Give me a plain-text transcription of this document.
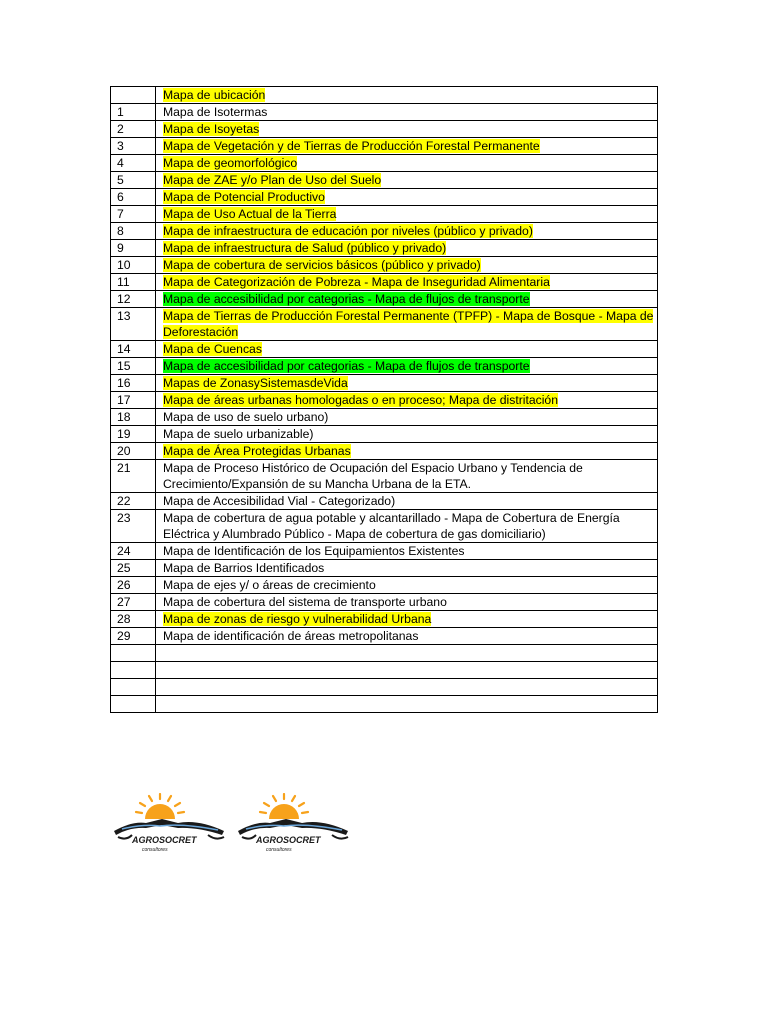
	Mapa de ubicación
1	Mapa de Isotermas
2	Mapa de Isoyetas
3	Mapa de Vegetación y de Tierras de Producción Forestal Permanente
4	Mapa de geomorfológico
5	Mapa de ZAE y/o Plan de Uso del Suelo
6	Mapa de Potencial Productivo
7	Mapa de Uso Actual de la Tierra
8	Mapa de infraestructura de educación por niveles (público y privado)
9	Mapa de infraestructura de Salud (público y privado)
10	Mapa de cobertura de servicios básicos (público y privado)
11	Mapa de Categorización de Pobreza - Mapa de Inseguridad Alimentaria
12	Mapa de accesibilidad por categorias - Mapa de flujos de transporte
13	Mapa de Tierras de Producción Forestal Permanente (TPFP) - Mapa de Bosque - Mapa de Deforestación
14	Mapa de Cuencas
15	Mapa de accesibilidad por categorias - Mapa de flujos de transporte
16	Mapas de ZonasySistemasdeVida
17	Mapa de áreas urbanas homologadas o en proceso; Mapa de distritación
18	Mapa de uso de suelo urbano)
19	Mapa de suelo urbanizable)
20	Mapa de Área Protegidas Urbanas
21	Mapa de Proceso Histórico de Ocupación del Espacio Urbano y Tendencia de Crecimiento/Expansión de su Mancha Urbana de la ETA.
22	Mapa de Accesibilidad Vial - Categorizado)
23	Mapa de cobertura de agua potable y alcantarillado - Mapa de Cobertura de Energía Eléctrica y Alumbrado Público - Mapa de cobertura de gas domiciliario)
24	Mapa de Identificación de los Equipamientos Existentes
25	Mapa de Barrios Identificados
26	Mapa de ejes y/ o áreas de crecimiento
27	Mapa de cobertura del sistema de transporte urbano
28	Mapa de zonas de riesgo y vulnerabilidad Urbana
29	Mapa de identificación de áreas metropolitanas

AGROSOCRET
consultores
AGROSOCRET
consultores
